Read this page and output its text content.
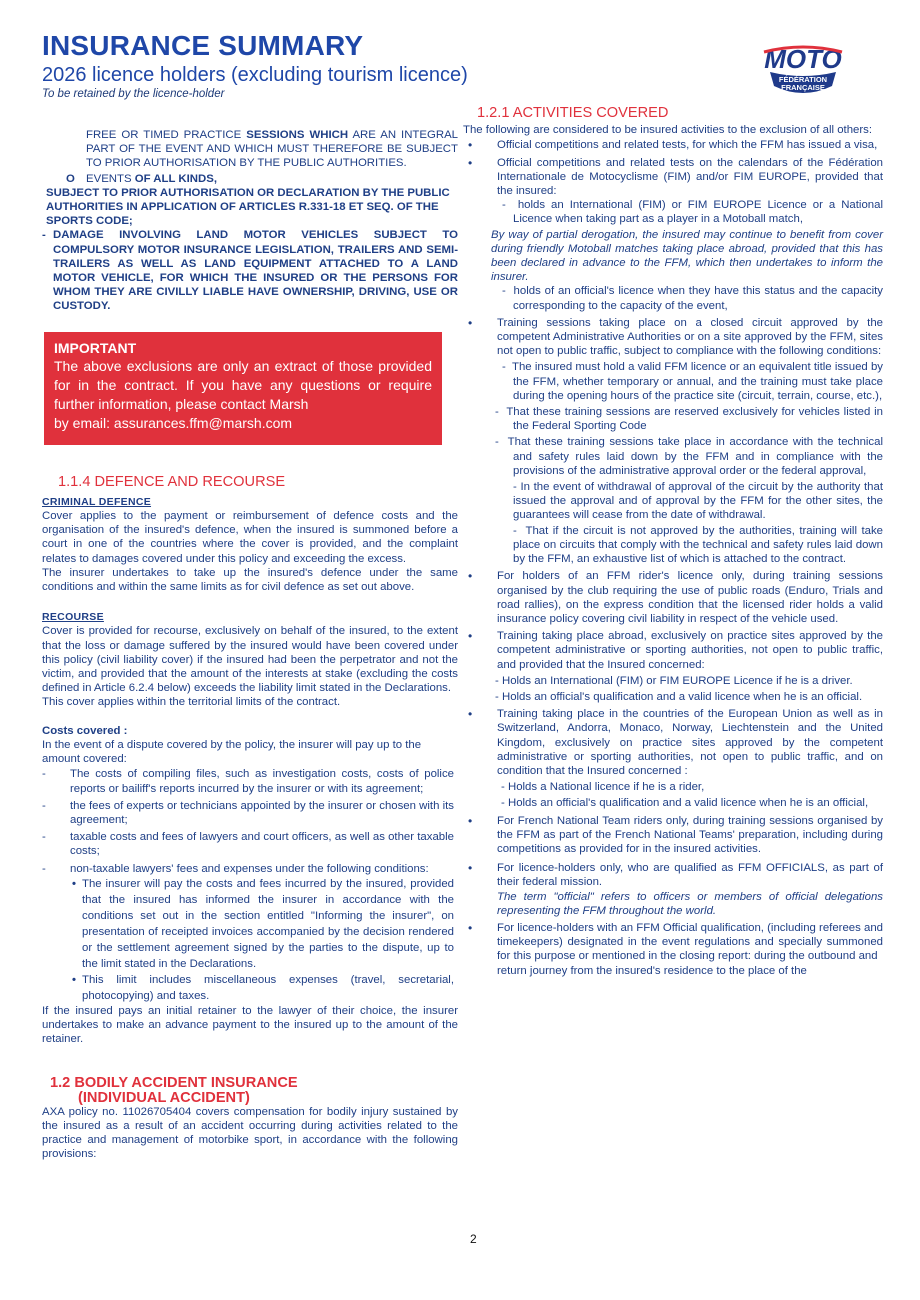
INSURANCE SUMMARY
2026 licence holders (excluding tourism licence)
To be retained by the licence-holder
MOTO
FÉDÉRATION
FRANÇAISE

FREE OR TIMED PRACTICE SESSIONS WHICH ARE AN INTEGRAL PART OF THE EVENT AND WHICH MUST THEREFORE BE SUBJECT TO PRIOR AUTHORISATION BY THE PUBLIC AUTHORITIES.

O EVENTS OF ALL KINDS,

SUBJECT TO PRIOR AUTHORISATION OR DECLARATION BY THE PUBLIC AUTHORITIES IN APPLICATION OF ARTICLES R.331-18 ET SEQ. OF THE SPORTS CODE;

- DAMAGE INVOLVING LAND MOTOR VEHICLES SUBJECT TO COMPULSORY MOTOR INSURANCE LEGISLATION, TRAILERS AND SEMI-TRAILERS AS WELL AS LAND EQUIPMENT ATTACHED TO A LAND MOTOR VEHICLE, FOR WHICH THE INSURED OR THE PERSONS FOR WHOM THEY ARE CIVILLY LIABLE HAVE OWNERSHIP, DRIVING, USE OR CUSTODY.

IMPORTANT
The above exclusions are only an extract of those provided for in the contract. If you have any questions or require further information, please contact Marsh
by email: assurances.ffm@marsh.com

1.1.4 DEFENCE AND RECOURSE

CRIMINAL DEFENCE

Cover applies to the payment or reimbursement of defence costs and the organisation of the insured's defence, when the insured is summoned before a court in one of the countries where the cover is provided, and the complaint relates to damages covered under this policy and exceeding the excess.

The insurer undertakes to take up the insured's defence under the same conditions and within the same limits as for civil defence as set out above.

RECOURSE

Cover is provided for recourse, exclusively on behalf of the insured, to the extent that the loss or damage suffered by the insured would have been covered under this policy (civil liability cover) if the insured had been the perpetrator and not the victim, and provided that the amount of the interests at stake (excluding the costs defined in Article 6.2.4 below) exceeds the liability limit stated in the Declarations.

This cover applies within the territorial limits of the contract.

Costs covered :

In the event of a dispute covered by the policy, the insurer will pay up to the amount covered:

- The costs of compiling files, such as investigation costs, costs of police reports or bailiff's reports incurred by the insurer or with its agreement;

- the fees of experts or technicians appointed by the insurer or chosen with its agreement;

- taxable costs and fees of lawyers and court officers, as well as other taxable costs;

- non-taxable lawyers' fees and expenses under the following conditions:

• The insurer will pay the costs and fees incurred by the insured, provided that the insured has informed the insurer in accordance with the conditions set out in the section entitled "Informing the insurer", on presentation of receipted invoices accompanied by the decision rendered or the settlement agreement signed by the parties to the dispute, up to the limit stated in the Declarations.

• This limit includes miscellaneous expenses (travel, secretarial, photocopying) and taxes.

If the insured pays an initial retainer to the lawyer of their choice, the insurer undertakes to make an advance payment to the insured up to the amount of the retainer.

1.2 BODILY ACCIDENT INSURANCE

(INDIVIDUAL ACCIDENT)

AXA policy no. 11026705404 covers compensation for bodily injury sustained by the insured as a result of an accident occurring during activities related to the practice and management of motorbike sport, in accordance with the following provisions:

1.2.1 ACTIVITIES COVERED

The following are considered to be insured activities to the exclusion of all others:

• Official competitions and related tests, for which the FFM has issued a visa,

• Official competitions and related tests on the calendars of the Fédération Internationale de Motocyclisme (FIM) and/or FIM EUROPE, provided that the insured:

-  holds an International (FIM) or FIM EUROPE Licence or a National Licence when taking part as a player in a Motoball match,

By way of partial derogation, the insured may continue to benefit from cover during friendly Motoball matches taking place abroad, provided that this has been declared in advance to the FFM, which then undertakes to inform the insurer.

-  holds of an official's licence when they have this status and the capacity corresponding to the capacity of the event,

• Training sessions taking place on a closed circuit approved by the competent Administrative Authorities or on a site approved by the FFM, sites not open to public traffic, subject to compliance with the following conditions:

-  The insured must hold a valid FFM licence or an equivalent title issued by the FFM, whether temporary or annual, and the training must take place during the opening hours of the practice site (circuit, terrain, course, etc.),

-  That these training sessions are reserved exclusively for vehicles listed in the Federal Sporting Code

-  That these training sessions take place in accordance with the technical and safety rules laid down by the FFM and in compliance with the provisions of the administrative approval order or the federal approval,

- In the event of withdrawal of approval of the circuit by the authority that issued the approval and of approval by the FFM for the other sites, the guarantees will cease from the date of withdrawal.

-  That if the circuit is not approved by the authorities, training will take place on circuits that comply with the technical and safety rules laid down by the FFM, an exhaustive list of which is attached to the contract.

• For holders of an FFM rider's licence only, during training sessions organised by the club requiring the use of public roads (Enduro, Trials and road rallies), on the express condition that the licensed rider holds a valid insurance policy covering civil liability in respect of the vehicle used.

• Training taking place abroad, exclusively on practice sites approved by the competent administrative or sporting authorities, not open to public traffic, and provided that the Insured concerned:

- Holds an International (FIM) or FIM EUROPE Licence if he is a driver.

- Holds an official's qualification and a valid licence when he is an official.

• Training taking place in the countries of the European Union as well as in Switzerland, Andorra, Monaco, Norway, Liechtenstein and the United Kingdom, exclusively on practice sites approved by the competent administrative or sporting authorities, not open to public traffic, and on condition that the Insured concerned :

- Holds a National licence if he is a rider,

- Holds an official's qualification and a valid licence when he is an official,

• For French National Team riders only, during training sessions organised by the FFM as part of the French National Teams' preparation, including during competitions as provided for in the insured activities.

• For licence-holders only, who are qualified as FFM OFFICIALS, as part of their federal mission.

The term "official" refers to officers or members of official delegations representing the FFM throughout the world.

• For licence-holders with an FFM Official qualification, (including referees and timekeepers) designated in the event regulations and specially summoned for this purpose or mentioned in the closing report: during the outbound and

return journey from the insured's residence to the place of the

2
